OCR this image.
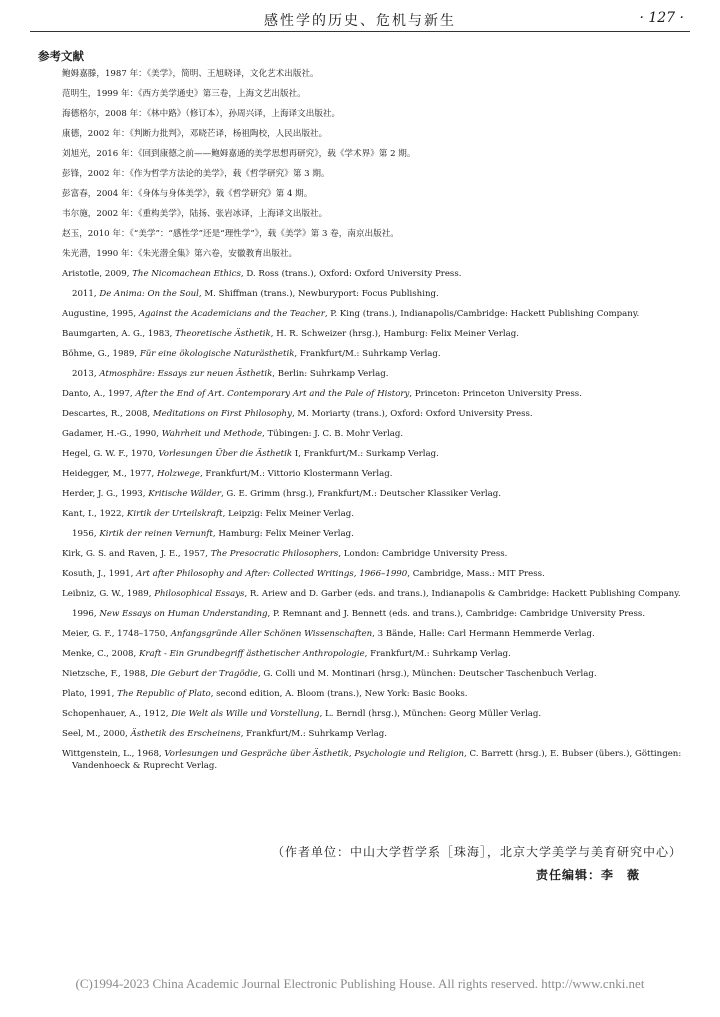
感性学的历史、危机与新生	· 127 ·
参考文献
鲍姆嘉滕，1987 年：《美学》，简明、王旭晓译，文化艺术出版社。
范明生，1999 年：《西方美学通史》第三卷，上海文艺出版社。
海德格尔，2008 年：《林中路》（修订本），孙周兴译，上海译文出版社。
康德，2002 年：《判断力批判》，邓晓芒译，杨祖陶校，人民出版社。
刘旭光，2016 年：《回到康德之前——鲍姆嘉通的美学思想再研究》，载《学术界》第 2 期。
彭锋，2002 年：《作为哲学方法论的美学》，载《哲学研究》第 3 期。
彭富春，2004 年：《身体与身体美学》，载《哲学研究》第 4 期。
韦尔施，2002 年：《重构美学》，陆扬、张岩冰译，上海译文出版社。
赵玉，2010 年：《“美学”：“感性学”还是“理性学”》，载《美学》第 3 卷，南京出版社。
朱光潜，1990 年：《朱光潜全集》第六卷，安徽教育出版社。
Aristotle, 2009, The Nicomachean Ethics, D. Ross (trans.), Oxford: Oxford University Press.
2011, De Anima: On the Soul, M. Shiffman (trans.), Newburyport: Focus Publishing.
Augustine, 1995, Against the Academicians and the Teacher, P. King (trans.), Indianapolis/Cambridge: Hackett Publishing Company.
Baumgarten, A. G., 1983, Theoretische Ästhetik, H. R. Schweizer (hrsg.), Hamburg: Felix Meiner Verlag.
Böhme, G., 1989, Für eine ökologische Naturästhetik, Frankfurt/M.: Suhrkamp Verlag.
2013, Atmosphäre: Essays zur neuen Ästhetik, Berlin: Suhrkamp Verlag.
Danto, A., 1997, After the End of Art. Contemporary Art and the Pale of History, Princeton: Princeton University Press.
Descartes, R., 2008, Meditations on First Philosophy, M. Moriarty (trans.), Oxford: Oxford University Press.
Gadamer, H.-G., 1990, Wahrheit und Methode, Tübingen: J. C. B. Mohr Verlag.
Hegel, G. W. F., 1970, Vorlesungen Über die Ästhetik I, Frankfurt/M.: Surkamp Verlag.
Heidegger, M., 1977, Holzwege, Frankfurt/M.: Vittorio Klostermann Verlag.
Herder, J. G., 1993, Kritische Wälder, G. E. Grimm (hrsg.), Frankfurt/M.: Deutscher Klassiker Verlag.
Kant, I., 1922, Kirtik der Urteilskraft, Leipzig: Felix Meiner Verlag.
1956, Kirtik der reinen Vernunft, Hamburg: Felix Meiner Verlag.
Kirk, G. S. and Raven, J. E., 1957, The Presocratic Philosophers, London: Cambridge University Press.
Kosuth, J., 1991, Art after Philosophy and After: Collected Writings, 1966–1990, Cambridge, Mass.: MIT Press.
Leibniz, G. W., 1989, Philosophical Essays, R. Ariew and D. Garber (eds. and trans.), Indianapolis & Cambridge: Hackett Publishing Company.
1996, New Essays on Human Understanding, P. Remnant and J. Bennett (eds. and trans.), Cambridge: Cambridge University Press.
Meier, G. F., 1748–1750, Anfangsgründe Aller Schönen Wissenschaften, 3 Bände, Halle: Carl Hermann Hemmerde Verlag.
Menke, C., 2008, Kraft - Ein Grundbegriff ästhetischer Anthropologie, Frankfurt/M.: Suhrkamp Verlag.
Nietzsche, F., 1988, Die Geburt der Tragödie, G. Colli und M. Montinari (hrsg.), München: Deutscher Taschenbuch Verlag.
Plato, 1991, The Republic of Plato, second edition, A. Bloom (trans.), New York: Basic Books.
Schopenhauer, A., 1912, Die Welt als Wille und Vorstellung, L. Berndl (hrsg.), München: Georg Müller Verlag.
Seel, M., 2000, Ästhetik des Erscheinens, Frankfurt/M.: Suhrkamp Verlag.
Wittgenstein, L., 1968, Vorlesungen und Gespräche über Ästhetik, Psychologie und Religion, C. Barrett (hrsg.), E. Bubser (übers.), Göttingen: Vandenhoeck & Ruprecht Verlag.
（作者单位：中山大学哲学系［珠海］，北京大学美学与美育研究中心）
责任编辑：李　薇
(C)1994-2023 China Academic Journal Electronic Publishing House. All rights reserved. http://www.cnki.net
